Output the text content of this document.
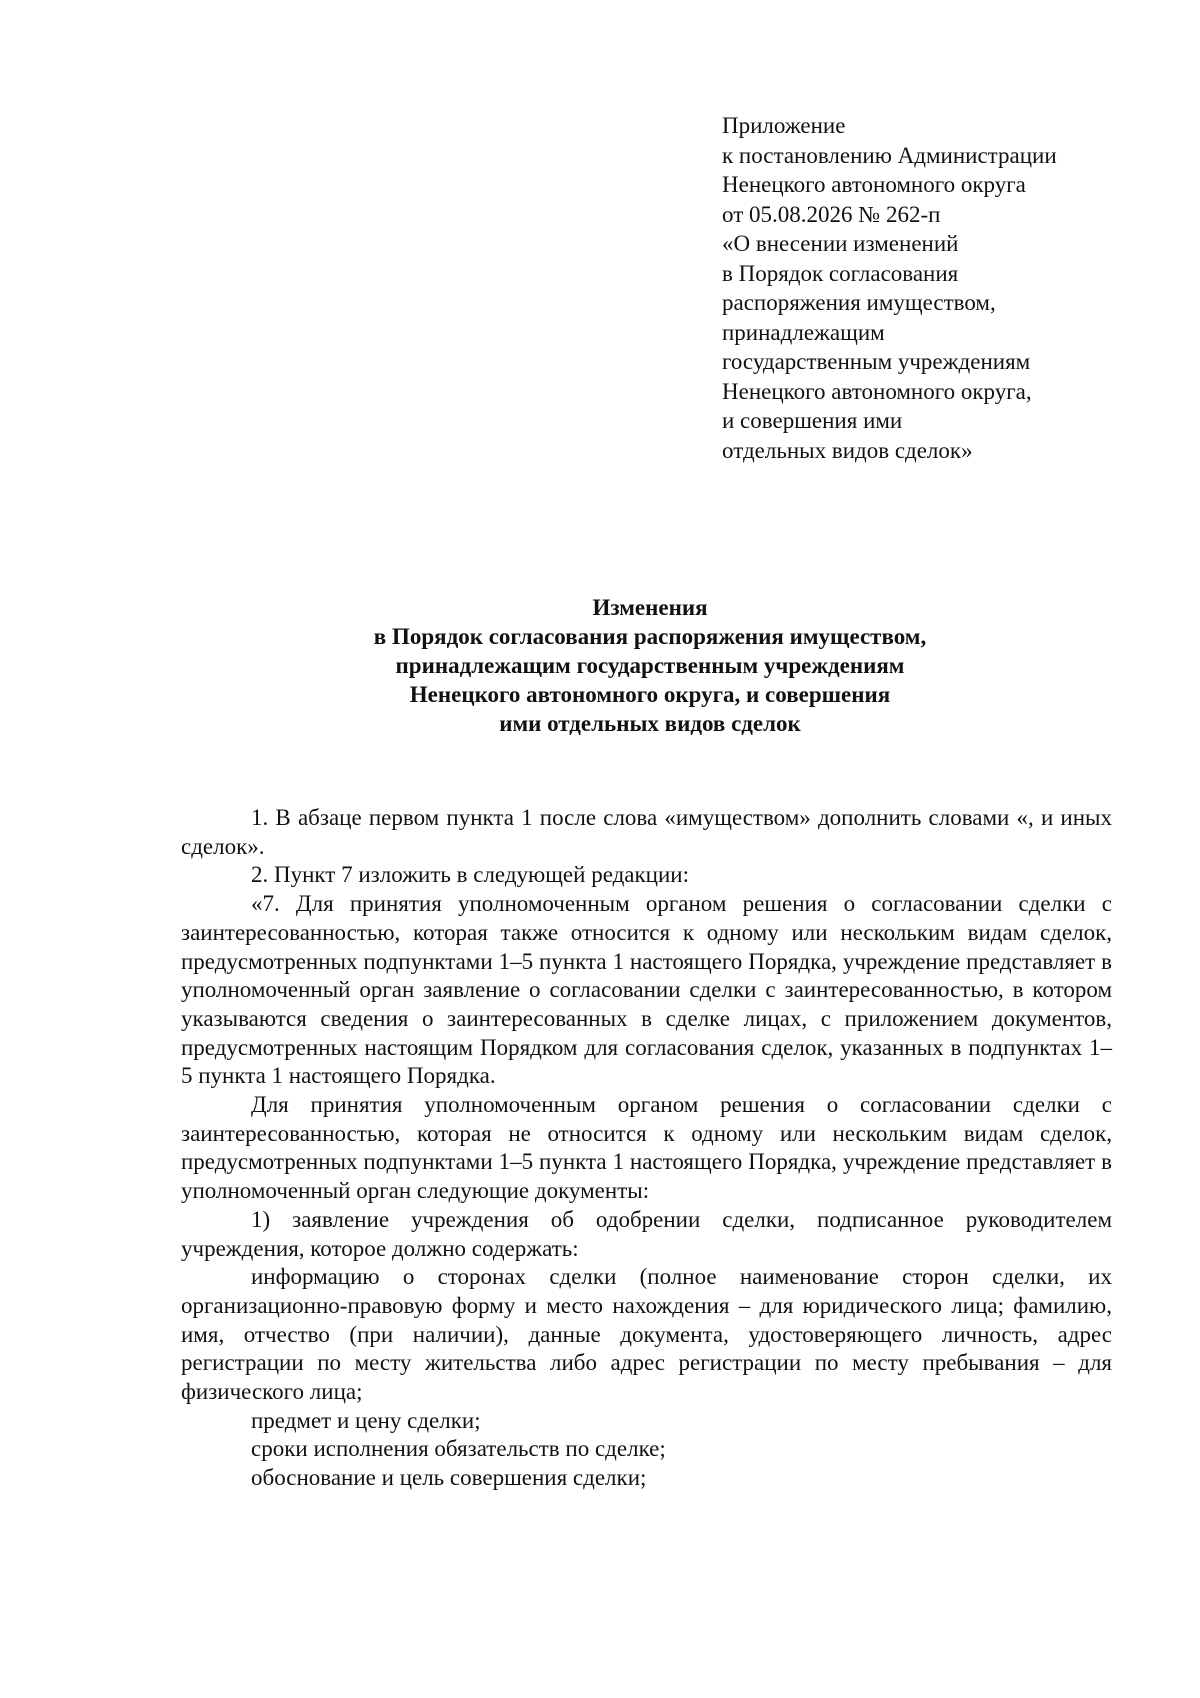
Приложение
к постановлению Администрации
Ненецкого автономного округа
от 05.08.2026 № 262-п
«О внесении изменений
в Порядок согласования
распоряжения имуществом,
принадлежащим
государственным учреждениям
Ненецкого автономного округа,
и совершения ими
отдельных видов сделок»
Изменения
в Порядок согласования распоряжения имуществом,
принадлежащим государственным учреждениям
Ненецкого автономного округа, и совершения
ими отдельных видов сделок

1. В абзаце первом пункта 1 после слова «имуществом» дополнить словами «, и иных сделок».

2. Пункт 7 изложить в следующей редакции:

«7. Для принятия уполномоченным органом решения о согласовании сделки с заинтересованностью, которая также относится к одному или нескольким видам сделок, предусмотренных подпунктами 1–5 пункта 1 настоящего Порядка, учреждение представляет в уполномоченный орган заявление о согласовании сделки с заинтересованностью, в котором указываются сведения о заинтересованных в сделке лицах, с приложением документов, предусмотренных настоящим Порядком для согласования сделок, указанных в подпунктах 1–5 пункта 1 настоящего Порядка.

Для принятия уполномоченным органом решения о согласовании сделки с заинтересованностью, которая не относится к одному или нескольким видам сделок, предусмотренных подпунктами 1–5 пункта 1 настоящего Порядка, учреждение представляет в уполномоченный орган следующие документы:

1) заявление учреждения об одобрении сделки, подписанное руководителем учреждения, которое должно содержать:

информацию о сторонах сделки (полное наименование сторон сделки, их организационно-правовую форму и место нахождения – для юридического лица; фамилию, имя, отчество (при наличии), данные документа, удостоверяющего личность, адрес регистрации по месту жительства либо адрес регистрации по месту пребывания – для физического лица;

предмет и цену сделки;

сроки исполнения обязательств по сделке;

обоснование и цель совершения сделки;
